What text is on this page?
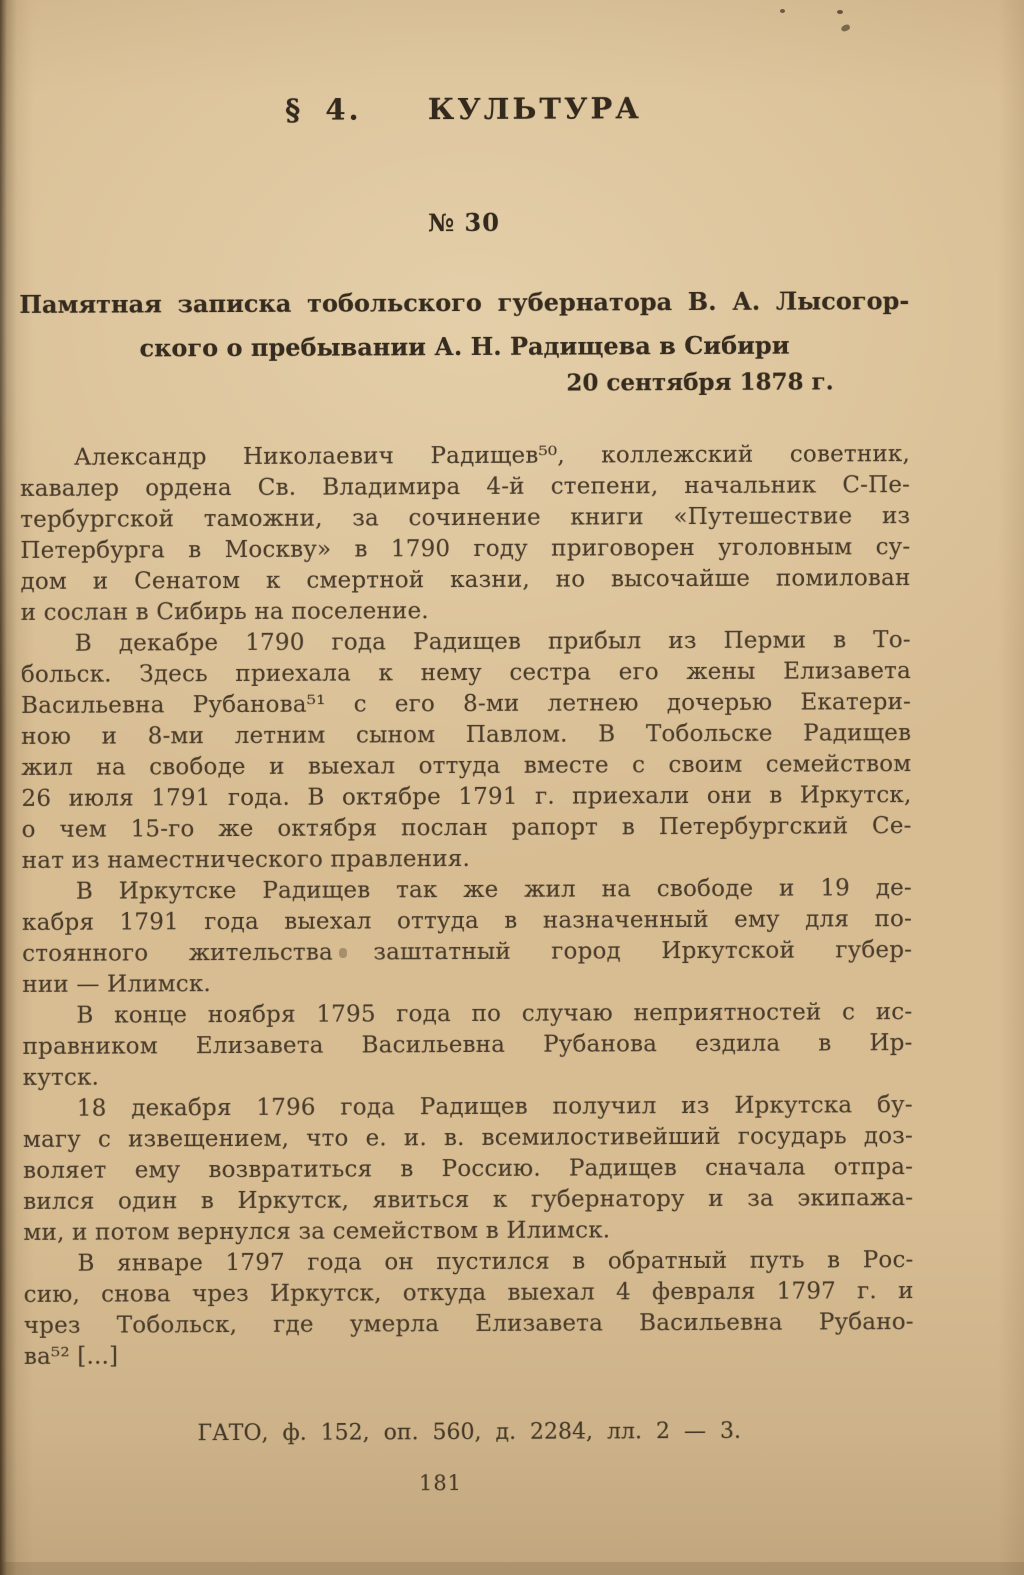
§ 4.   КУЛЬТУРА
№ 30
Памятная записка тобольского губернатора В. А. Лысогор-
ского о пребывании А. Н. Радищева в Сибири
20 сентября 1878 г.
Александр Николаевич Радищев⁵⁰, коллежский советник,
кавалер ордена Св. Владимира 4-й степени, начальник С-Пе-
тербургской таможни, за сочинение книги «Путешествие из
Петербурга в Москву» в 1790 году приговорен уголовным су-
дом и Сенатом к смертной казни, но высочайше помилован
и сослан в Сибирь на поселение.
В декабре 1790 года Радищев прибыл из Перми в То-
больск. Здесь приехала к нему сестра его жены Елизавета
Васильевна Рубанова⁵¹ с его 8-ми летнею дочерью Екатери-
ною и 8-ми летним сыном Павлом. В Тобольске Радищев
жил на свободе и выехал оттуда вместе с своим семейством
26 июля 1791 года. В октябре 1791 г. приехали они в Иркутск,
о чем 15-го же октября послан рапорт в Петербургский Се-
нат из наместнического правления.
В Иркутске Радищев так же жил на свободе и 19 де-
кабря 1791 года выехал оттуда в назначенный ему для по-
стоянного жительства заштатный город Иркутской губер-
нии — Илимск.
В конце ноября 1795 года по случаю неприятностей с ис-
правником Елизавета Васильевна Рубанова ездила в Ир-
кутск.
18 декабря 1796 года Радищев получил из Иркутска бу-
магу с извещением, что е. и. в. всемилостивейший государь доз-
воляет ему возвратиться в Россию. Радищев сначала отпра-
вился один в Иркутск, явиться к губернатору и за экипажа-
ми, и потом вернулся за семейством в Илимск.
В январе 1797 года он пустился в обратный путь в Рос-
сию, снова чрез Иркутск, откуда выехал 4 февраля 1797 г. и
чрез Тобольск, где умерла Елизавета Васильевна Рубано-
ва⁵² [...]
ГАТО, ф. 152, оп. 560, д. 2284, лл. 2 — 3.
181
